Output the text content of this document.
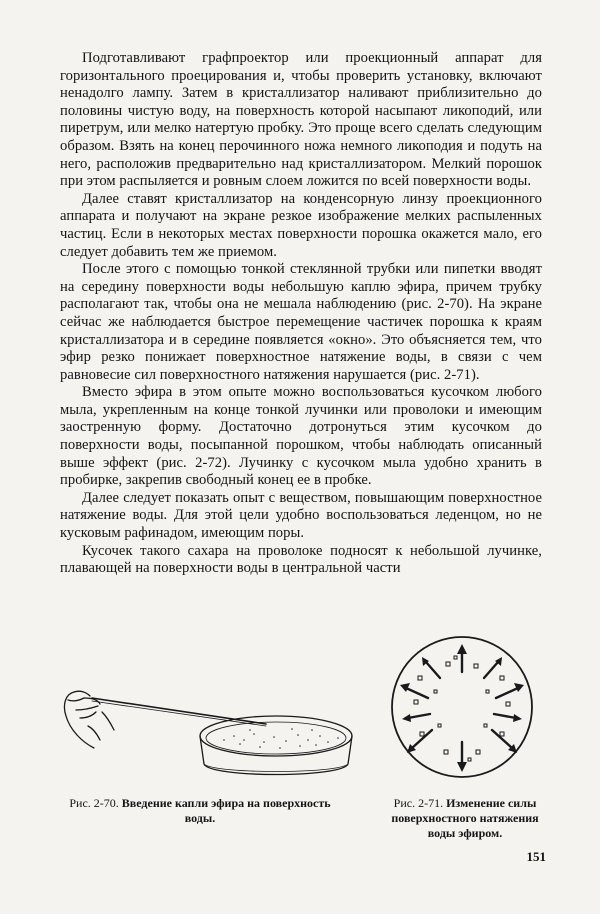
Подготавливают графпроектор или проекционный аппарат для горизонтального проецирования и, чтобы проверить установку, включают ненадолго лампу. Затем в кристаллизатор наливают приблизительно до половины чистую воду, на поверхность которой насыпают ликоподий, или пиретрум, или мелко натертую пробку. Это проще всего сделать следующим образом. Взять на конец перочинного ножа немного ликоподия и подуть на него, расположив предварительно над кристаллизатором. Мелкий порошок при этом распыляется и ровным слоем ложится по всей поверхности воды.

Далее ставят кристаллизатор на конденсорную линзу проекционного аппарата и получают на экране резкое изображение мелких распыленных частиц. Если в некоторых местах поверхности порошка окажется мало, его следует добавить тем же приемом.

После этого с помощью тонкой стеклянной трубки или пипетки вводят на середину поверхности воды небольшую каплю эфира, причем трубку располагают так, чтобы она не мешала наблюдению (рис. 2-70). На экране сейчас же наблюдается быстрое перемещение частичек порошка к краям кристаллизатора и в середине появляется «окно». Это объясняется тем, что эфир резко понижает поверхностное натяжение воды, в связи с чем равновесие сил поверхностного натяжения нарушается (рис. 2-71).

Вместо эфира в этом опыте можно воспользоваться кусочком любого мыла, укрепленным на конце тонкой лучинки или проволоки и имеющим заостренную форму. Достаточно дотронуться этим кусочком до поверхности воды, посыпанной порошком, чтобы наблюдать описанный выше эффект (рис. 2-72). Лучинку с кусочком мыла удобно хранить в пробирке, закрепив свободный конец ее в пробке.

Далее следует показать опыт с веществом, повышающим поверхностное натяжение воды. Для этой цели удобно воспользоваться леденцом, но не кусковым рафинадом, имеющим поры.

Кусочек такого сахара на проволоке подносят к небольшой лучинке, плавающей на поверхности воды в центральной части

Рис. 2-70. Введение капли эфира на поверхность воды.
Рис. 2-71. Изменение силы поверхностного натяжения воды эфиром.
151
